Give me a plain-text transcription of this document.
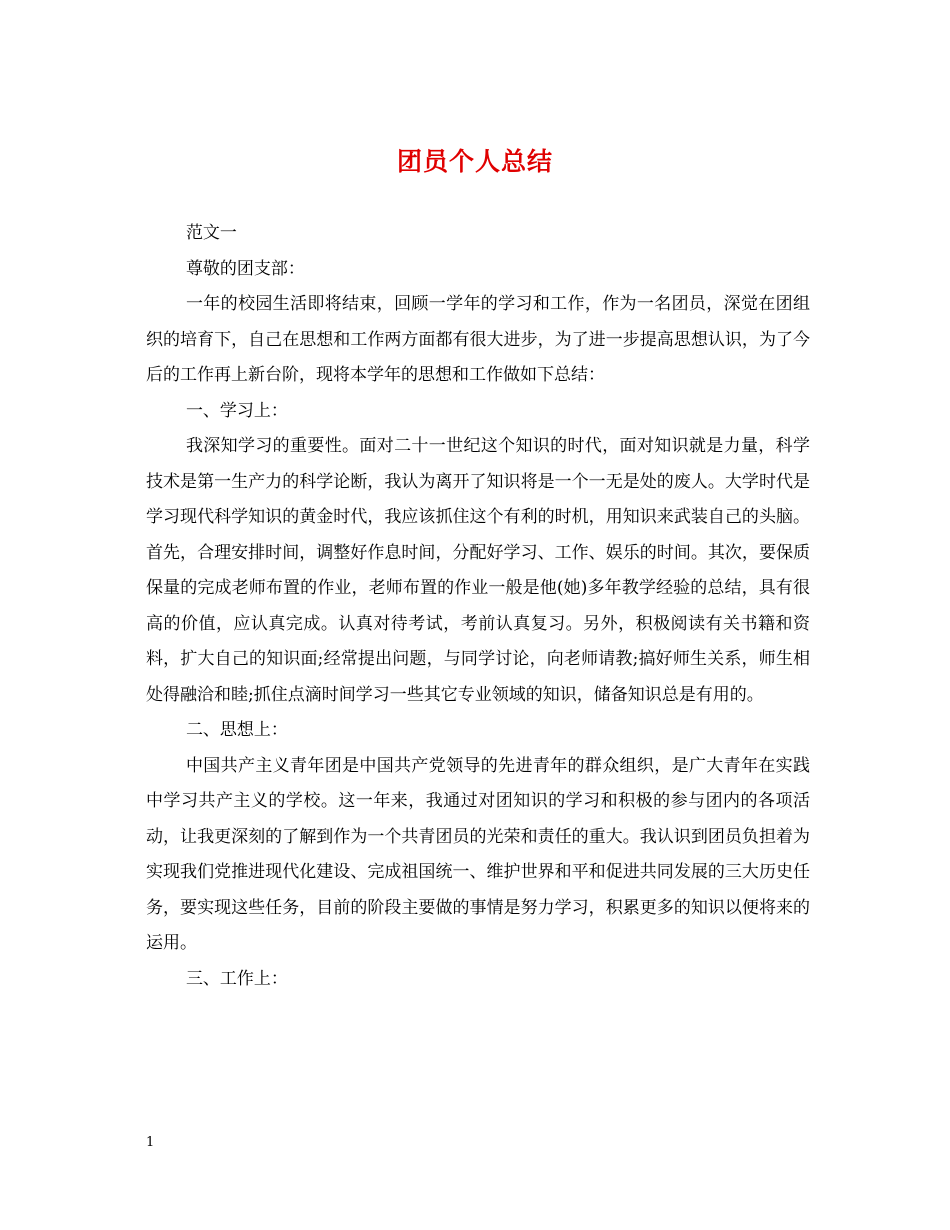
团员个人总结

范文一

尊敬的团支部：

一年的校园生活即将结束，回顾一学年的学习和工作，作为一名团员，深觉在团组织的培育下，自己在思想和工作两方面都有很大进步，为了进一步提高思想认识，为了今后的工作再上新台阶，现将本学年的思想和工作做如下总结：

一、学习上：

我深知学习的重要性。面对二十一世纪这个知识的时代，面对知识就是力量，科学技术是第一生产力的科学论断，我认为离开了知识将是一个一无是处的废人。大学时代是学习现代科学知识的黄金时代，我应该抓住这个有利的时机，用知识来武装自己的头脑。首先，合理安排时间，调整好作息时间，分配好学习、工作、娱乐的时间。其次，要保质保量的完成老师布置的作业，老师布置的作业一般是他(她)多年教学经验的总结，具有很高的价值，应认真完成。认真对待考试，考前认真复习。另外，积极阅读有关书籍和资料，扩大自己的知识面;经常提出问题，与同学讨论，向老师请教;搞好师生关系，师生相处得融洽和睦;抓住点滴时间学习一些其它专业领域的知识，储备知识总是有用的。

二、思想上：

中国共产主义青年团是中国共产党领导的先进青年的群众组织，是广大青年在实践中学习共产主义的学校。这一年来，我通过对团知识的学习和积极的参与团内的各项活动，让我更深刻的了解到作为一个共青团员的光荣和责任的重大。我认识到团员负担着为实现我们党推进现代化建设、完成祖国统一、维护世界和平和促进共同发展的三大历史任务，要实现这些任务，目前的阶段主要做的事情是努力学习，积累更多的知识以便将来的运用。

三、工作上：

1
